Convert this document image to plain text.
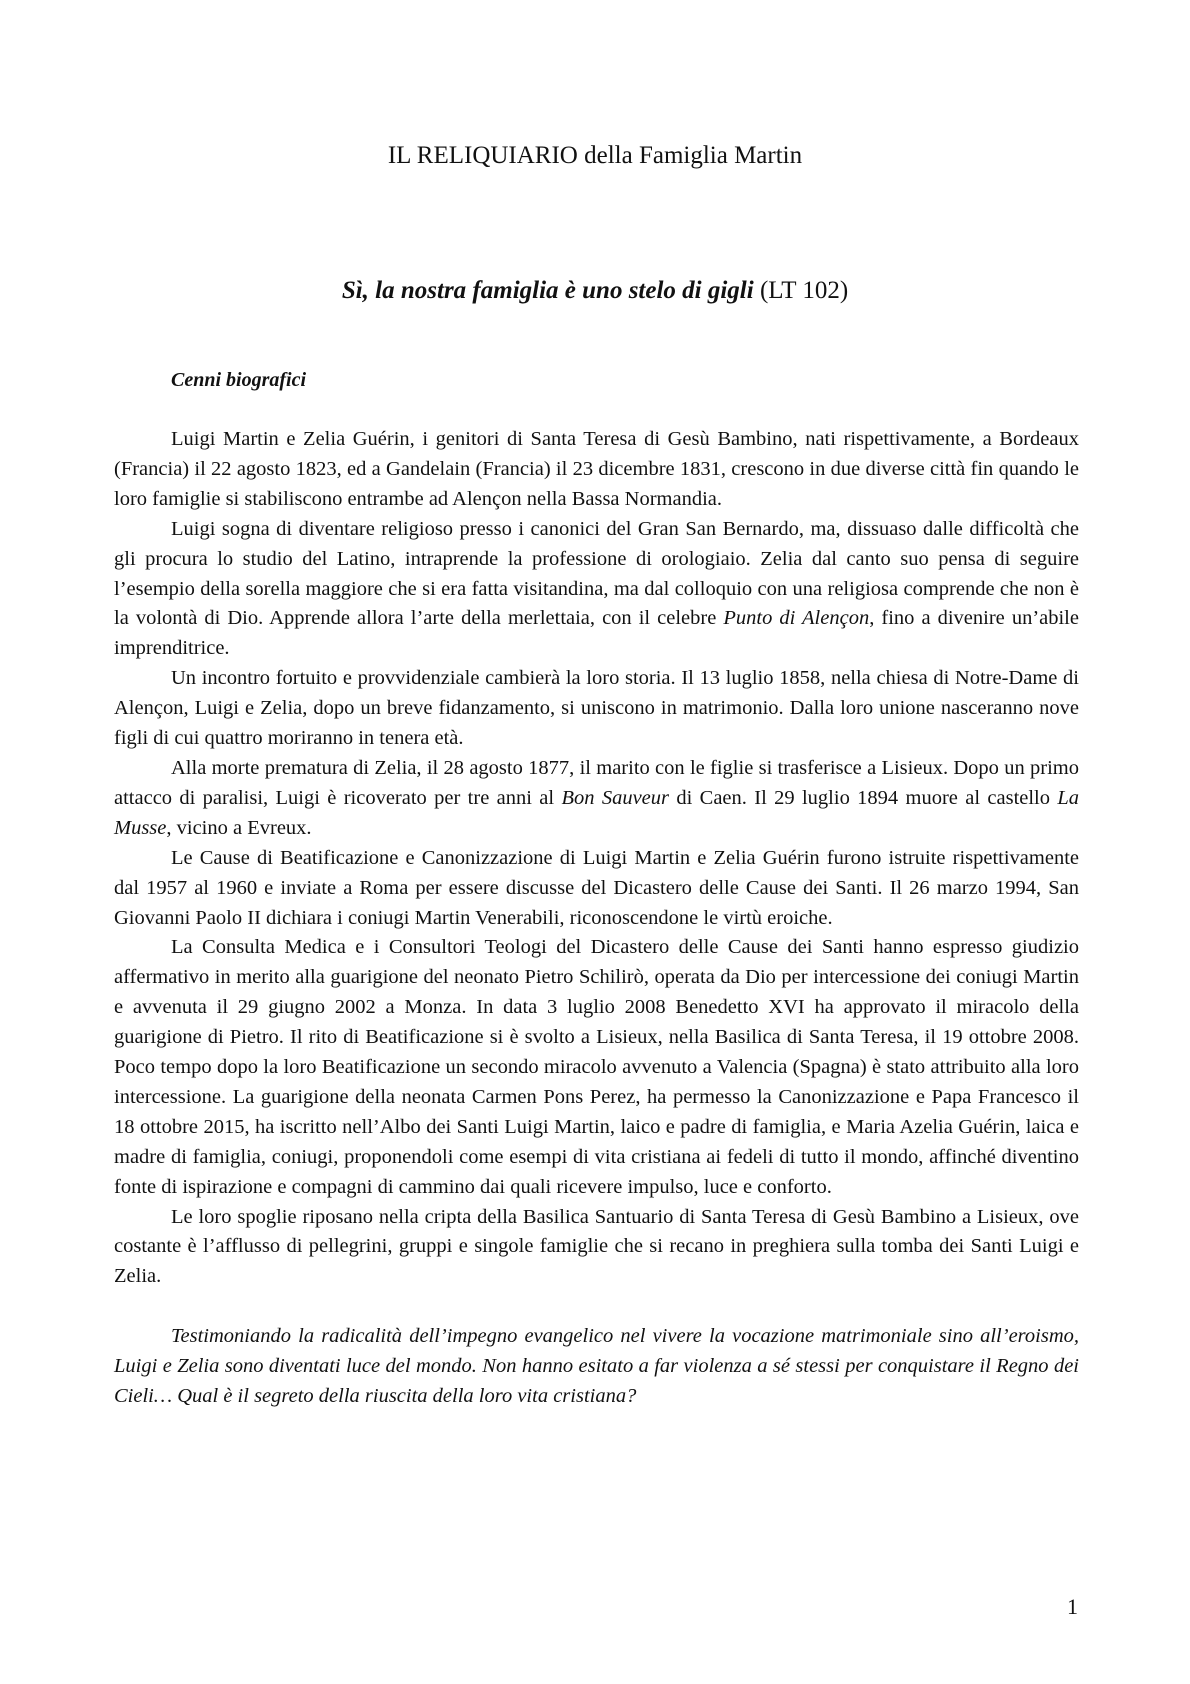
IL RELIQUIARIO della Famiglia Martin
Sì, la nostra famiglia è uno stelo di gigli (LT 102)
Cenni biografici

Luigi Martin e Zelia Guérin, i genitori di Santa Teresa di Gesù Bambino, nati rispettivamente, a Bordeaux (Francia) il 22 agosto 1823, ed a Gandelain (Francia) il 23 dicembre 1831, crescono in due diverse città fin quando le loro famiglie si stabiliscono entrambe ad Alençon nella Bassa Normandia.

Luigi sogna di diventare religioso presso i canonici del Gran San Bernardo, ma, dissuaso dalle difficoltà che gli procura lo studio del Latino, intraprende la professione di orologiaio. Zelia dal canto suo pensa di seguire l’esempio della sorella maggiore che si era fatta visitandina, ma dal colloquio con una religiosa comprende che non è la volontà di Dio. Apprende allora l’arte della merlettaia, con il celebre Punto di Alençon, fino a divenire un’abile imprenditrice.

Un incontro fortuito e provvidenziale cambierà la loro storia. Il 13 luglio 1858, nella chiesa di Notre-Dame di Alençon, Luigi e Zelia, dopo un breve fidanzamento, si uniscono in matrimonio. Dalla loro unione nasceranno nove figli di cui quattro moriranno in tenera età.

Alla morte prematura di Zelia, il 28 agosto 1877, il marito con le figlie si trasferisce a Lisieux. Dopo un primo attacco di paralisi, Luigi è ricoverato per tre anni al Bon Sauveur di Caen. Il 29 luglio 1894 muore al castello La Musse, vicino a Evreux.

Le Cause di Beatificazione e Canonizzazione di Luigi Martin e Zelia Guérin furono istruite rispettivamente dal 1957 al 1960 e inviate a Roma per essere discusse del Dicastero delle Cause dei Santi. Il 26 marzo 1994, San Giovanni Paolo II dichiara i coniugi Martin Venerabili, riconoscendone le virtù eroiche.

La Consulta Medica e i Consultori Teologi del Dicastero delle Cause dei Santi hanno espresso giudizio affermativo in merito alla guarigione del neonato Pietro Schilirò, operata da Dio per intercessione dei coniugi Martin e avvenuta il 29 giugno 2002 a Monza. In data 3 luglio 2008 Benedetto XVI ha approvato il miracolo della guarigione di Pietro. Il rito di Beatificazione si è svolto a Lisieux, nella Basilica di Santa Teresa, il 19 ottobre 2008. Poco tempo dopo la loro Beatificazione un secondo miracolo avvenuto a Valencia (Spagna) è stato attribuito alla loro intercessione. La guarigione della neonata Carmen Pons Perez, ha permesso la Canonizzazione e Papa Francesco il 18 ottobre 2015, ha iscritto nell’Albo dei Santi Luigi Martin, laico e padre di famiglia, e Maria Azelia Guérin, laica e madre di famiglia, coniugi, proponendoli come esempi di vita cristiana ai fedeli di tutto il mondo, affinché diventino fonte di ispirazione e compagni di cammino dai quali ricevere impulso, luce e conforto.

Le loro spoglie riposano nella cripta della Basilica Santuario di Santa Teresa di Gesù Bambino a Lisieux, ove costante è l’afflusso di pellegrini, gruppi e singole famiglie che si recano in preghiera sulla tomba dei Santi Luigi e Zelia.

Testimoniando la radicalità dell’impegno evangelico nel vivere la vocazione matrimoniale sino all’eroismo, Luigi e Zelia sono diventati luce del mondo. Non hanno esitato a far violenza a sé stessi per conquistare il Regno dei Cieli… Qual è il segreto della riuscita della loro vita cristiana?

1
